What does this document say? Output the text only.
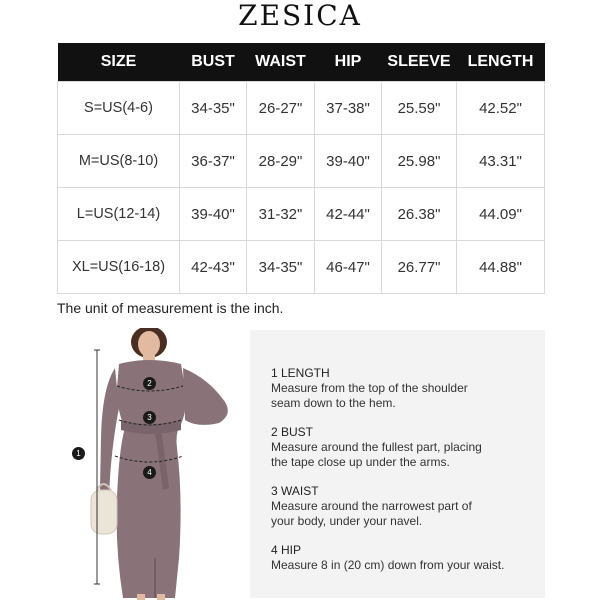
ZESICA
SIZE	BUST	WAIST	HIP	SLEEVE	LENGTH
S=US(4-6)	34-35"	26-27"	37-38"	25.59"	42.52"
M=US(8-10)	36-37"	28-29"	39-40"	25.98"	43.31"
L=US(12-14)	39-40"	31-32"	42-44"	26.38"	44.09"
XL=US(16-18)	42-43"	34-35"	46-47"	26.77"	44.88"
The unit of measurement is the inch.
1
2
3
4
1 LENGTH
Measure from the top of the shoulder
seam down to the hem.
2 BUST
Measure around the fullest part, placing
the tape close up under the arms.
3 WAIST
Measure around the narrowest part of
your body, under your navel.
4 HIP
Measure 8 in (20 cm) down from your waist.
